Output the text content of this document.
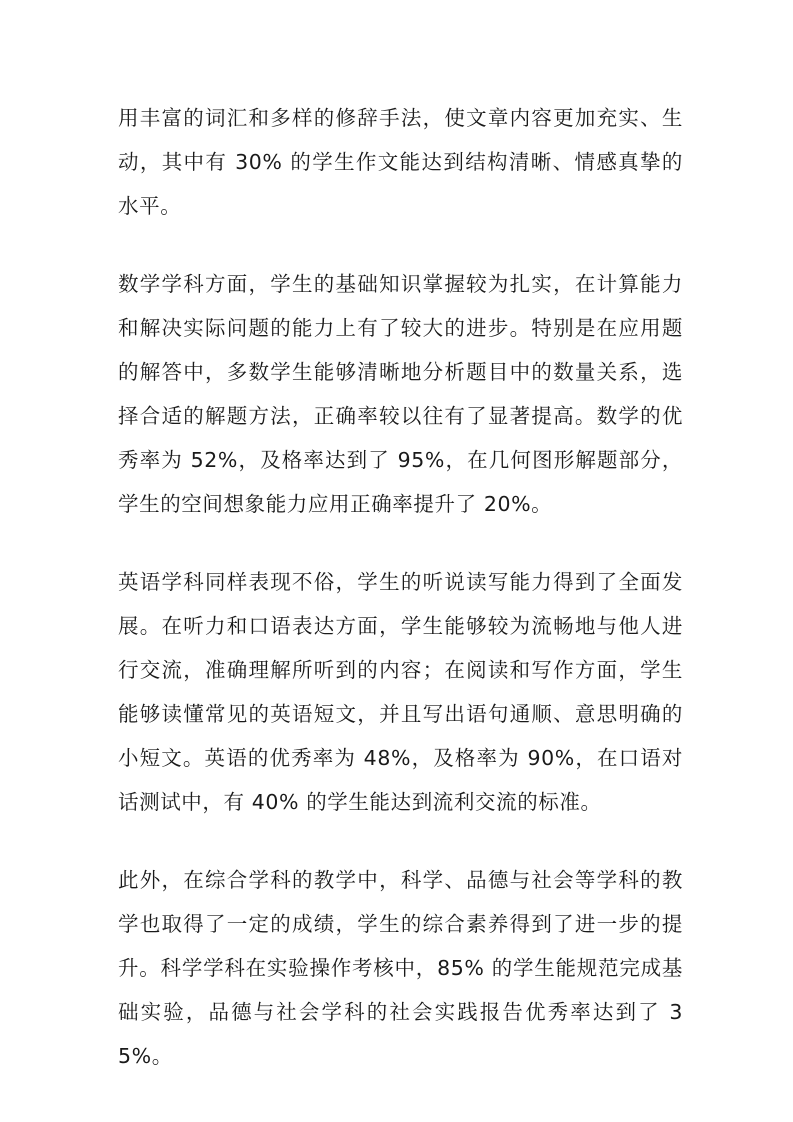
用丰富的词汇和多样的修辞手法，使文章内容更加充实、生动，其中有 30% 的学生作文能达到结构清晰、情感真挚的水平。

数学学科方面，学生的基础知识掌握较为扎实，在计算能力和解决实际问题的能力上有了较大的进步。特别是在应用题的解答中，多数学生能够清晰地分析题目中的数量关系，选择合适的解题方法，正确率较以往有了显著提高。数学的优秀率为 52%，及格率达到了 95%，在几何图形解题部分，学生的空间想象能力应用正确率提升了 20%。

英语学科同样表现不俗，学生的听说读写能力得到了全面发展。在听力和口语表达方面，学生能够较为流畅地与他人进行交流，准确理解所听到的内容；在阅读和写作方面，学生能够读懂常见的英语短文，并且写出语句通顺、意思明确的小短文。英语的优秀率为 48%，及格率为 90%，在口语对话测试中，有 40% 的学生能达到流利交流的标准。

此外，在综合学科的教学中，科学、品德与社会等学科的教学也取得了一定的成绩，学生的综合素养得到了进一步的提升。科学学科在实验操作考核中，85% 的学生能规范完成基础实验，品德与社会学科的社会实践报告优秀率达到了 35%。
